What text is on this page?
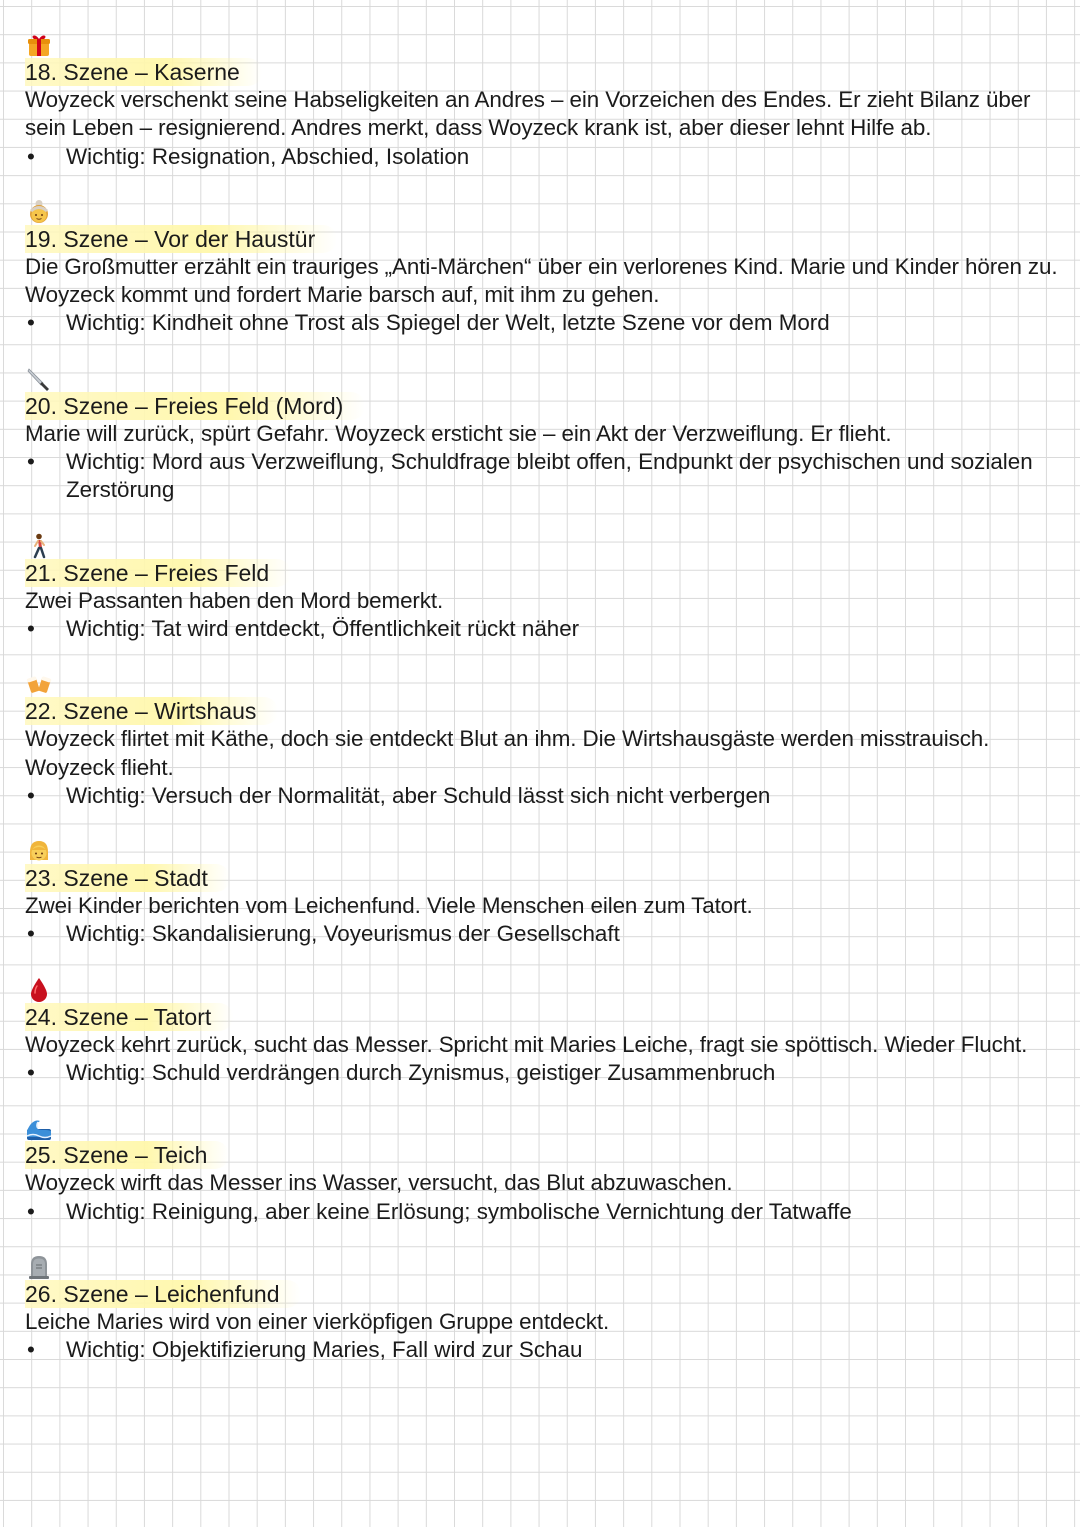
18. Szene – Kaserne

Woyzeck verschenkt seine Habseligkeiten an Andres – ein Vorzeichen des Endes. Er zieht Bilanz über sein Leben – resignierend. Andres merkt, dass Woyzeck krank ist, aber dieser lehnt Hilfe ab.

•	Wichtig: Resignation, Abschied, Isolation
19. Szene – Vor der Haustür

Die Großmutter erzählt ein trauriges „Anti-Märchen“ über ein verlorenes Kind. Marie und Kinder hören zu. Woyzeck kommt und fordert Marie barsch auf, mit ihm zu gehen.

•	Wichtig: Kindheit ohne Trost als Spiegel der Welt, letzte Szene vor dem Mord
20. Szene – Freies Feld (Mord)

Marie will zurück, spürt Gefahr. Woyzeck ersticht sie – ein Akt der Verzweiflung. Er flieht.

•	Wichtig: Mord aus Verzweiflung, Schuldfrage bleibt offen, Endpunkt der psychischen und sozialen Zerstörung
21. Szene – Freies Feld

Zwei Passanten haben den Mord bemerkt.

•	Wichtig: Tat wird entdeckt, Öffentlichkeit rückt näher
22. Szene – Wirtshaus

Woyzeck flirtet mit Käthe, doch sie entdeckt Blut an ihm. Die Wirtshausgäste werden misstrauisch. Woyzeck flieht.

•	Wichtig: Versuch der Normalität, aber Schuld lässt sich nicht verbergen
23. Szene – Stadt

Zwei Kinder berichten vom Leichenfund. Viele Menschen eilen zum Tatort.

•	Wichtig: Skandalisierung, Voyeurismus der Gesellschaft
24. Szene – Tatort

Woyzeck kehrt zurück, sucht das Messer. Spricht mit Maries Leiche, fragt sie spöttisch. Wieder Flucht.

•	Wichtig: Schuld verdrängen durch Zynismus, geistiger Zusammenbruch
25. Szene – Teich

Woyzeck wirft das Messer ins Wasser, versucht, das Blut abzuwaschen.

•	Wichtig: Reinigung, aber keine Erlösung; symbolische Vernichtung der Tatwaffe
26. Szene – Leichenfund

Leiche Maries wird von einer vierköpfigen Gruppe entdeckt.

•	Wichtig: Objektifizierung Maries, Fall wird zur Schau
